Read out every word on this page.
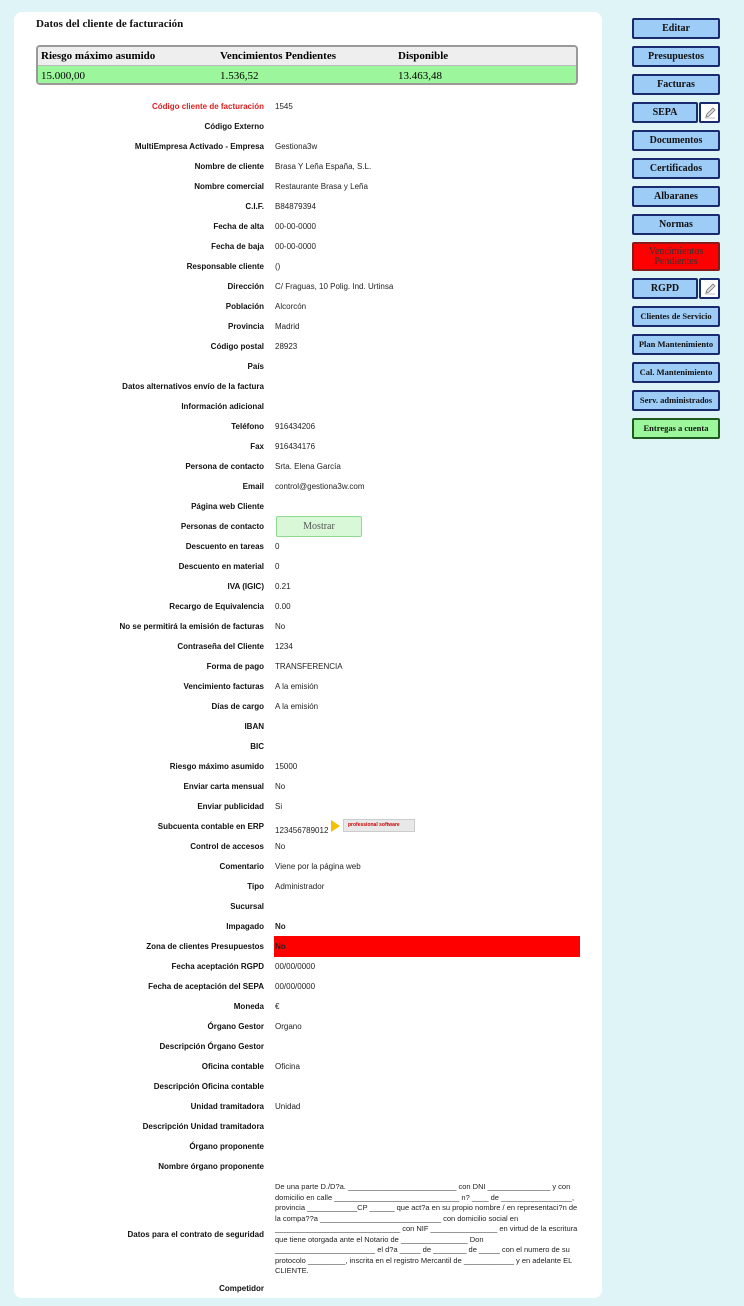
Datos del cliente de facturación
Riesgo máximo asumido	Vencimientos Pendientes	Disponible
15.000,00	1.536,52	13.463,48
Código cliente de facturación 1545
Código Externo
MultiEmpresa Activado - Empresa Gestiona3w
Nombre de cliente Brasa Y Leña España, S.L.
Nombre comercial Restaurante Brasa y Leña
C.I.F. B84879394
Fecha de alta 00-00-0000
Fecha de baja 00-00-0000
Responsable cliente ()
Dirección C/ Fraguas, 10 Polig. Ind. Urtinsa
Población Alcorcón
Provincia Madrid
Código postal 28923
País
Datos alternativos envío de la factura
Información adicional
Teléfono 916434206
Fax 916434176
Persona de contacto Srta. Elena García
Email control@gestiona3w.com
Página web Cliente
Personas de contacto	Mostrar
Descuento en tareas 0
Descuento en material 0
IVA (IGIC) 0.21
Recargo de Equivalencia 0.00
No se permitirá la emisión de facturas No
Contraseña del Cliente 1234
Forma de pago TRANSFERENCIA
Vencimiento facturas A la emisión
Días de cargo A la emisión
IBAN
BIC
Riesgo máximo asumido 15000
Enviar carta mensual No
Enviar publicidad Si
Subcuenta contable en ERP 123456789012
professional software
Control de accesos No
Comentario Viene por la página web
Tipo Administrador
Sucursal
Impagado No
Zona de clientes Presupuestos No
Fecha aceptación RGPD 00/00/0000
Fecha de aceptación del SEPA 00/00/0000
Moneda €
Órgano Gestor Organo
Descripción Órgano Gestor
Oficina contable Oficina
Descripción Oficina contable
Unidad tramitadora Unidad
Descripción Unidad tramitadora
Órgano proponente
Nombre órgano proponente
Datos para el contrato de seguridad
De una parte D./D?a. __________________________ con DNI _______________ y con domicilio en calle ______________________________ n? ____ de _________________, provincia ____________CP ______ que act?a en su propio nombre / en representaci?n de la compa??a _____________________________ con domicilio social en ______________________________ con NIF ________________ en virtud de la escritura que tiene otorgada ante el Notario de ________________ Don ________________________ el d?a _____ de ________ de _____ con el numero de su protocolo _________, inscrita en el registro Mercantil de ____________ y en adelante EL CLIENTE.
Competidor
Editar
Presupuestos
Facturas
SEPA
Documentos
Certificados
Albaranes
Normas
Vencimientos Pendientes
RGPD
Clientes de Servicio
Plan Mantenimiento
Cal. Mantenimiento
Serv. administrados
Entregas a cuenta
